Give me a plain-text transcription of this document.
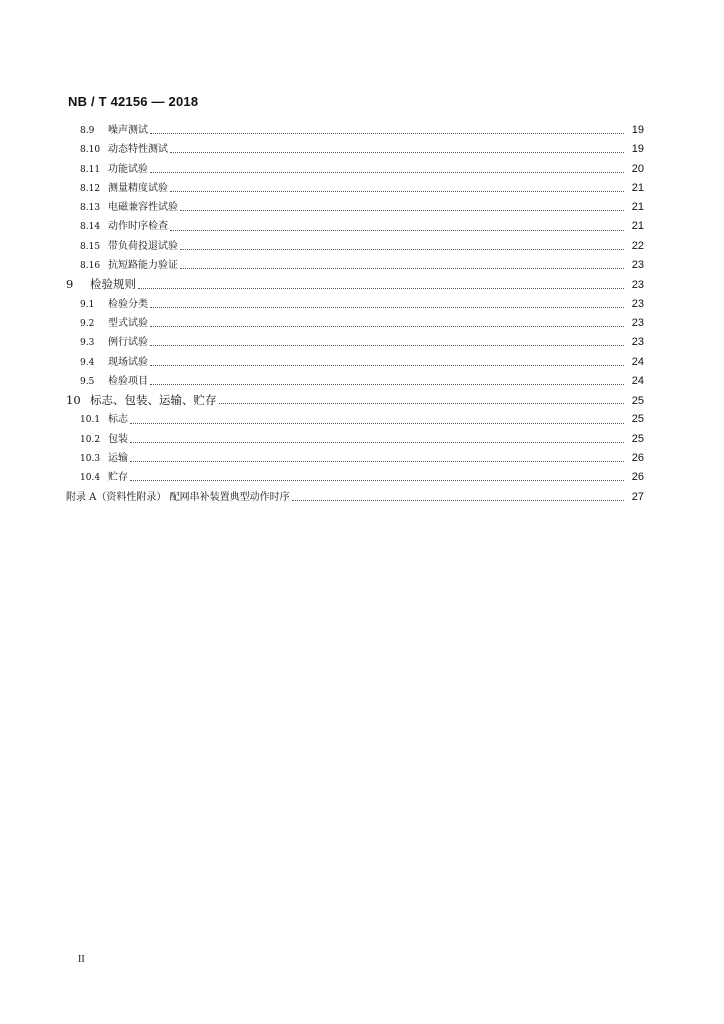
NB / T 42156 — 2018
8.9	噪声测试	19
8.10 动态特性测试	19
8.11 功能试验	20
8.12 测量精度试验	21
8.13 电磁兼容性试验	21
8.14 动作时序检查	21
8.15 带负荷投退试验	22
8.16 抗短路能力验证	23
9	检验规则	23
9.1	检验分类	23
9.2	型式试验	23
9.3	例行试验	23
9.4	现场试验	24
9.5	检验项目	24
10 标志、包装、运输、贮存	25
10.1 标志	25
10.2 包装	25
10.3 运输	26
10.4 贮存	26
附录 A（资料性附录） 配网串补装置典型动作时序	27
II
